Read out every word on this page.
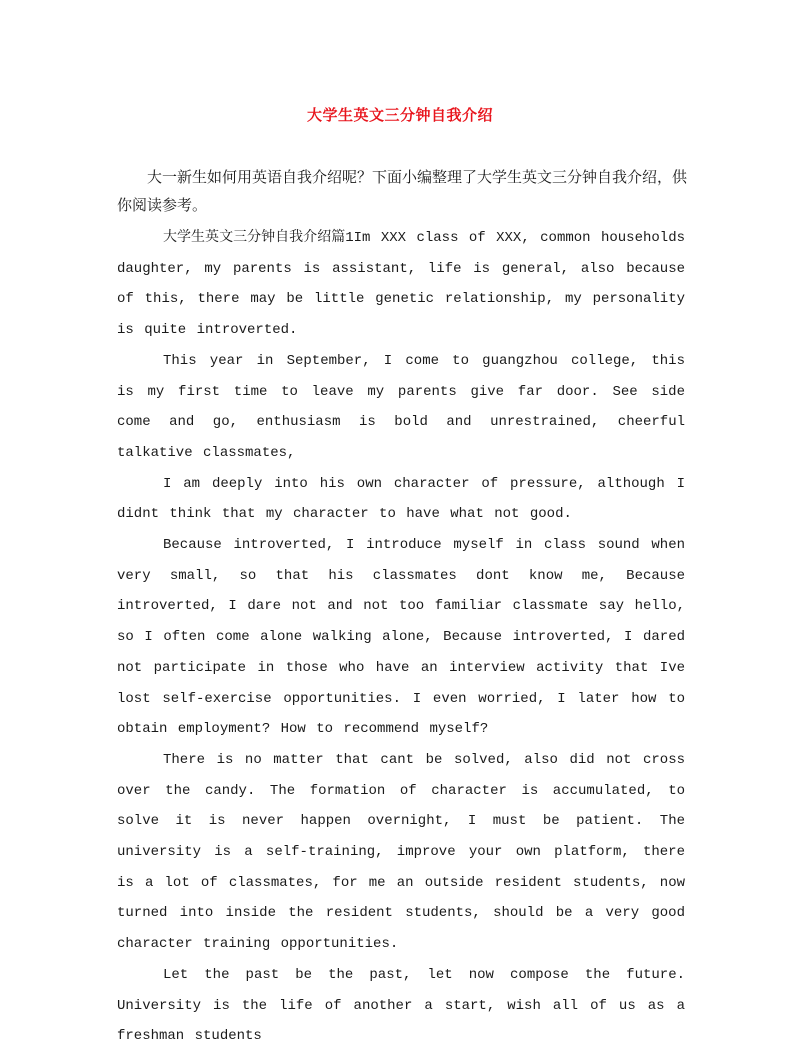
大学生英文三分钟自我介绍

大一新生如何用英语自我介绍呢？下面小编整理了大学生英文三分钟自我介绍，供你阅读参考。

大学生英文三分钟自我介绍篇1Im XXX class of XXX, common households daughter, my parents is assistant, life is general, also because of this, there may be little genetic relationship, my personality is quite introverted.

This year in September, I come to guangzhou college, this is my first time to leave my parents give far door. See side come and go, enthusiasm is bold and unrestrained, cheerful talkative classmates,

I am deeply into his own character of pressure, although I didnt think that my character to have what not good.

Because introverted, I introduce myself in class sound when very small, so that his classmates dont know me, Because introverted, I dare not and not too familiar classmate say hello, so I often come alone walking alone, Because introverted, I dared not participate in those who have an interview activity that Ive lost self-exercise opportunities. I even worried, I later how to obtain employment? How to recommend myself?

There is no matter that cant be solved, also did not cross over the candy. The formation of character is accumulated, to solve it is never happen overnight, I must be patient. The university is a self-training, improve your own platform, there is a lot of classmates, for me an outside resident students, now turned into inside the resident students, should be a very good character training opportunities.

Let the past be the past, let now compose the future. University is the life of another a start, wish all of us as a freshman students
